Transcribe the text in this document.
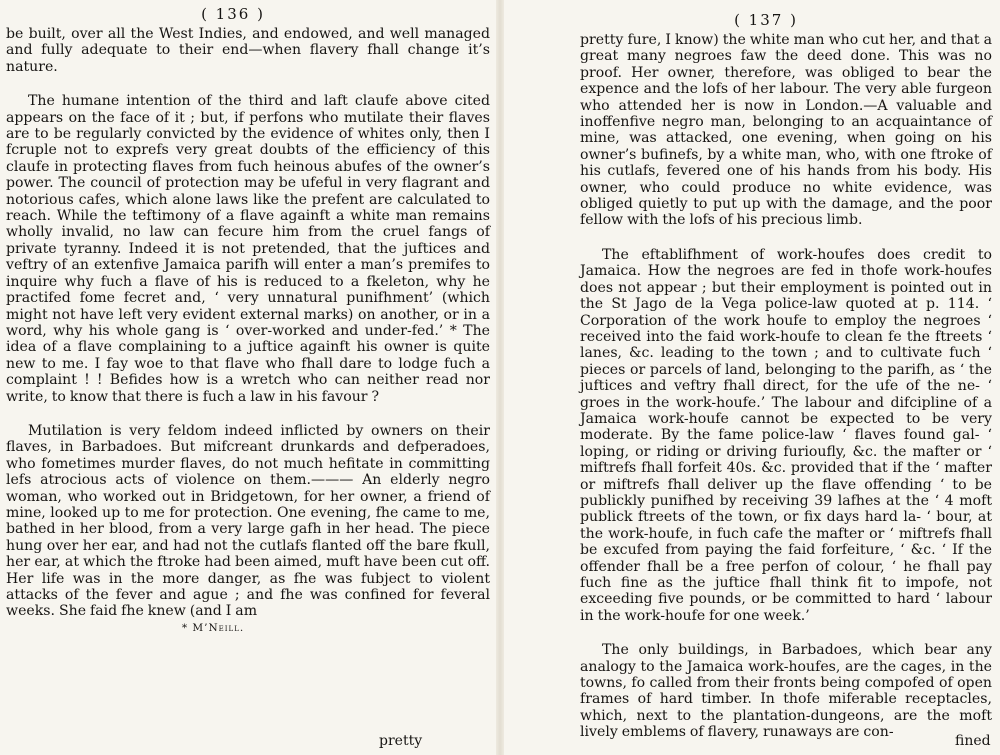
( 136 )

be built, over all the West Indies, and endowed, and well managed and fully adequate to their end—when flavery fhall change it’s nature.

The humane intention of the third and laft claufe above cited appears on the face of it ; but, if perfons who mutilate their flaves are to be regularly convicted by the evidence of whites only, then I fcruple not to exprefs very great doubts of the efficiency of this claufe in protecting flaves from fuch heinous abufes of the owner’s power. The council of protection may be ufeful in very flagrant and notorious cafes, which alone laws like the prefent are calculated to reach. While the teftimony of a flave againft a white man remains wholly invalid, no law can fecure him from the cruel fangs of private tyranny. Indeed it is not pretended, that the juftices and veftry of an extenfive Jamaica parifh will enter a man’s premifes to inquire why fuch a flave of his is reduced to a fkeleton, why he practifed fome fecret and, ‘ very unnatural punifhment’ (which might not have left very evident external marks) on another, or in a word, why his whole gang is ‘ over-worked and under-fed.’ * The idea of a flave complaining to a juftice againft his owner is quite new to me. I fay woe to that flave who fhall dare to lodge fuch a complaint ! ! Befides how is a wretch who can neither read nor write, to know that there is fuch a law in his favour ?

Mutilation is very feldom indeed inflicted by owners on their flaves, in Barbadoes. But mifcreant drunkards and defperadoes, who fometimes murder flaves, do not much hefitate in committing lefs atrocious acts of violence on them.——— An elderly negro woman, who worked out in Bridgetown, for her owner, a friend of mine, looked up to me for protection. One evening, fhe came to me, bathed in her blood, from a very large gafh in her head. The piece hung over her ear, and had not the cutlafs flanted off the bare fkull, her ear, at which the ftroke had been aimed, muft have been cut off. Her life was in the more danger, as fhe was fubject to violent attacks of the fever and ague ; and fhe was confined for feveral weeks. She faid fhe knew (and I am

* M’Neill.
( 137 )

pretty fure, I know) the white man who cut her, and that a great many negroes faw the deed done. This was no proof. Her owner, therefore, was obliged to bear the expence and the lofs of her labour. The very able furgeon who attended her is now in London.—A valuable and inoffenfive negro man, belonging to an acquaintance of mine, was attacked, one evening, when going on his owner’s bufinefs, by a white man, who, with one ftroke of his cutlafs, fevered one of his hands from his body. His owner, who could produce no white evidence, was obliged quietly to put up with the damage, and the poor fellow with the lofs of his precious limb.

The eftablifhment of work-houfes does credit to Jamaica. How the negroes are fed in thofe work-houfes does not appear ; but their employment is pointed out in the St Jago de la Vega police-law quoted at p. 114. ‘ Corporation of the work houfe to employ the negroes ‘ received into the faid work-houfe to clean fe the ftreets ‘ lanes, &c. leading to the town ; and to cultivate fuch ‘ pieces or parcels of land, belonging to the parifh, as ‘ the juftices and veftry fhall direct, for the ufe of the ne- ‘ groes in the work-houfe.’ The labour and difcipline of a Jamaica work-houfe cannot be expected to be very moderate. By the fame police-law ‘ flaves found gal- ‘ loping, or riding or driving furioufly, &c. the mafter or ‘ miftrefs fhall forfeit 40s. &c. provided that if the ‘ mafter or miftrefs fhall deliver up the flave offending ‘ to be publickly punifhed by receiving 39 lafhes at the ‘ 4 moft publick ftreets of the town, or fix days hard la- ‘ bour, at the work-houfe, in fuch cafe the mafter or ‘ miftrefs fhall be excufed from paying the faid forfeiture, ‘ &c. ‘ If the offender fhall be a free perfon of colour, ‘ he fhall pay fuch fine as the juftice fhall think fit to impofe, not exceeding five pounds, or be committed to hard ‘ labour in the work-houfe for one week.’

The only buildings, in Barbadoes, which bear any analogy to the Jamaica work-houfes, are the cages, in the towns, fo called from their fronts being compofed of open frames of hard timber. In thofe miferable receptacles, which, next to the plantation-dungeons, are the moft lively emblems of flavery, runaways are con-

pretty	fined
